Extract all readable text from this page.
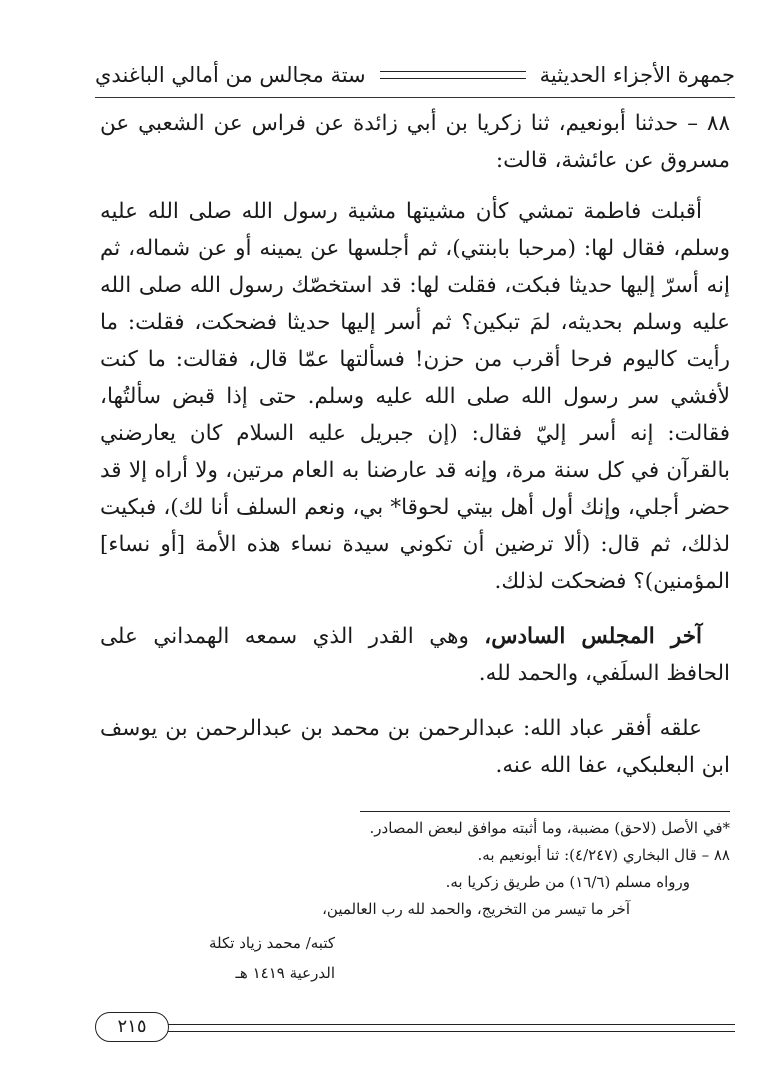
جمهرة الأجزاء الحديثية
ستة مجالس من أمالي الباغندي

٨٨ – حدثنا أبونعيم، ثنا زكريا بن أبي زائدة عن فراس عن الشعبي عن مسروق عن عائشة، قالت:

أقبلت فاطمة تمشي كأن مشيتها مشية رسول الله صلى الله عليه وسلم، فقال لها: (مرحبا بابنتي)، ثم أجلسها عن يمينه أو عن شماله، ثم إنه أسرّ إليها حديثا فبكت، فقلت لها: قد استخصّك رسول الله صلى الله عليه وسلم بحديثه، لمَ تبكين؟ ثم أسر إليها حديثا فضحكت، فقلت: ما رأيت كاليوم فرحا أقرب من حزن! فسألتها عمّا قال، فقالت: ما كنت لأفشي سر رسول الله صلى الله عليه وسلم. حتى إذا قبض سألتُها، فقالت: إنه أسر إليّ فقال: (إن جبريل عليه السلام كان يعارضني بالقرآن في كل سنة مرة، وإنه قد عارضنا به العام مرتين، ولا أراه إلا قد حضر أجلي، وإنك أول أهل بيتي لحوقا* بي، ونعم السلف أنا لك)، فبكيت لذلك، ثم قال: (ألا ترضين أن تكوني سيدة نساء هذه الأمة [أو نساء] المؤمنين)؟ فضحكت لذلك.

آخر المجلس السادس، وهي القدر الذي سمعه الهمداني على الحافظ السلَفي، والحمد لله.

علقه أفقر عباد الله: عبدالرحمن بن محمد بن عبدالرحمن بن يوسف ابن البعلبكي، عفا الله عنه.

*في الأصل (لاحق) مضببة، وما أثبته موافق لبعض المصادر.
٨٨ – قال البخاري (٤/٢٤٧): ثنا أبونعيم به.
ورواه مسلم (١٦/٦) من طريق زكريا به.
آخر ما تيسر من التخريج، والحمد لله رب العالمين،
كتبه/ محمد زياد تكلة
الدرعية ١٤١٩ هـ
٢١٥
